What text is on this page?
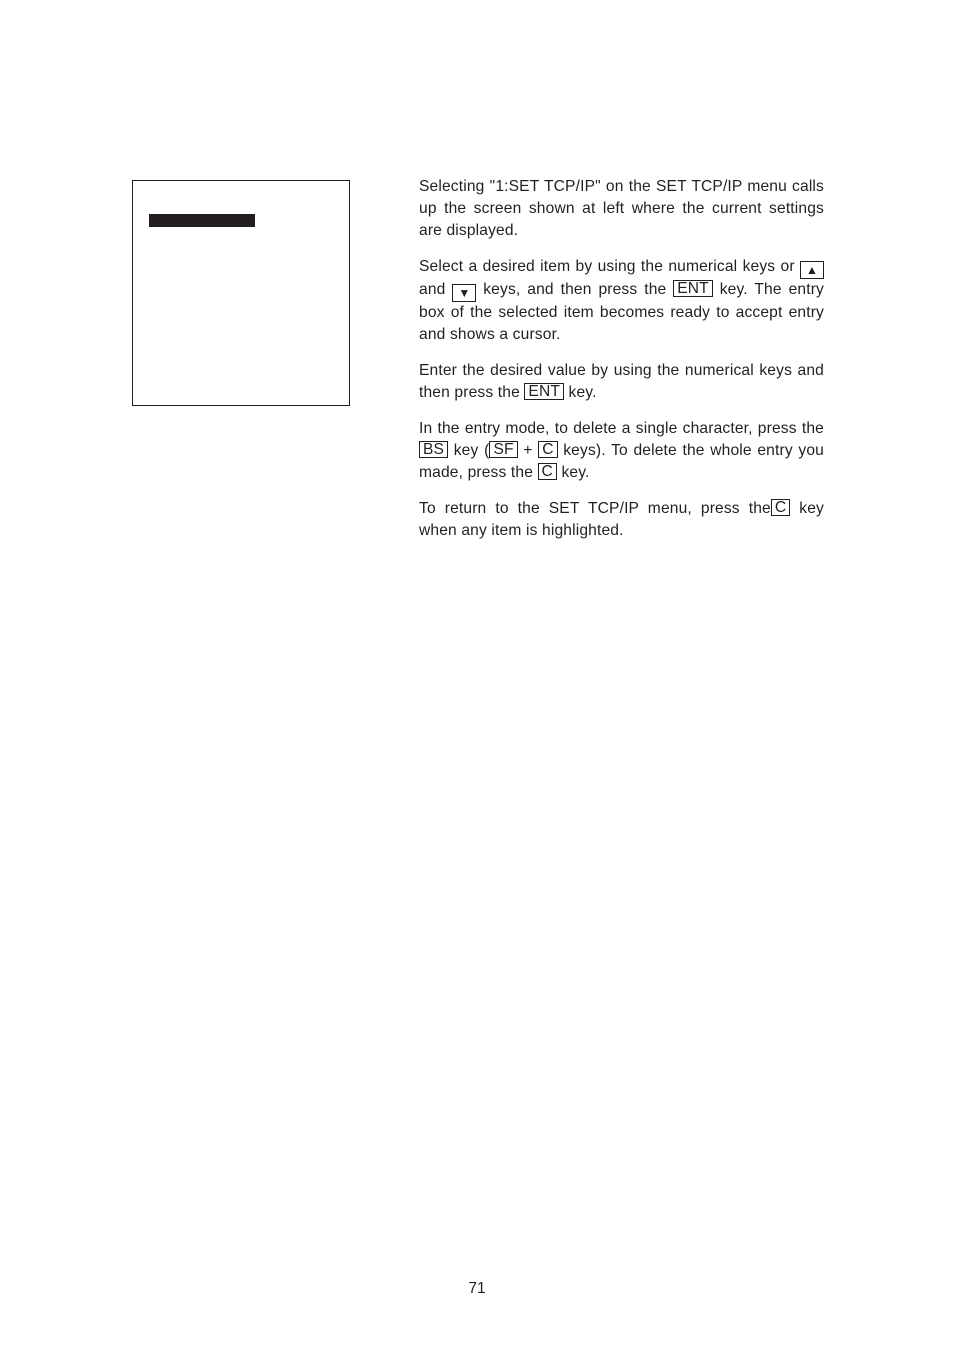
Selecting "1:SET TCP/IP" on the SET TCP/IP menu calls up the screen shown at left where the current settings are displayed.

Select a desired item by using the numerical keys or ▲ and ▼ keys, and then press the ENT key. The entry box of the selected item becomes ready to accept entry and shows a cursor.

Enter the desired value by using the numerical keys and then press the ENT key.

In the entry mode, to delete a single character, press the BS key ( SF + C keys). To delete the whole entry you made, press the C key.

To return to the SET TCP/IP menu, press the C key when any item is highlighted.

71
